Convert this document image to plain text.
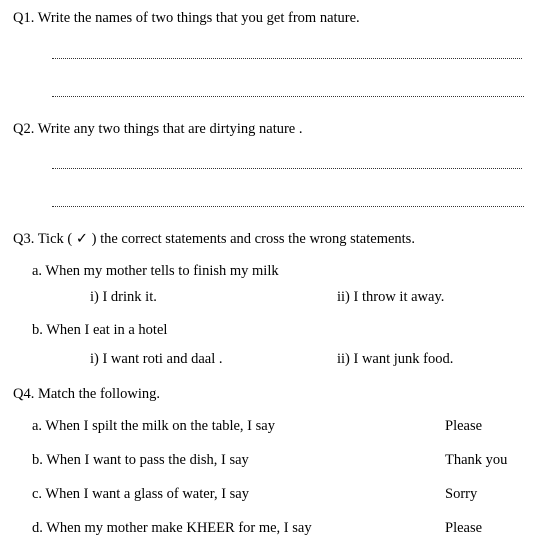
Q1. Write the names of two things that you get from nature.
Q2. Write any two things that are dirtying nature .
Q3. Tick ( ✓ ) the correct statements and cross the wrong statements.
a. When my mother tells to finish my milk
i) I drink it.	ii) I throw it away.
b. When I eat in a hotel
i) I want roti and daal .	ii) I want junk food.
Q4. Match the following.
a. When I spilt the milk on the table, I say	Please
b. When I want to pass the dish, I say	Thank you
c. When I want a glass of water, I say	Sorry
d. When my mother make KHEER for me, I say	Please
